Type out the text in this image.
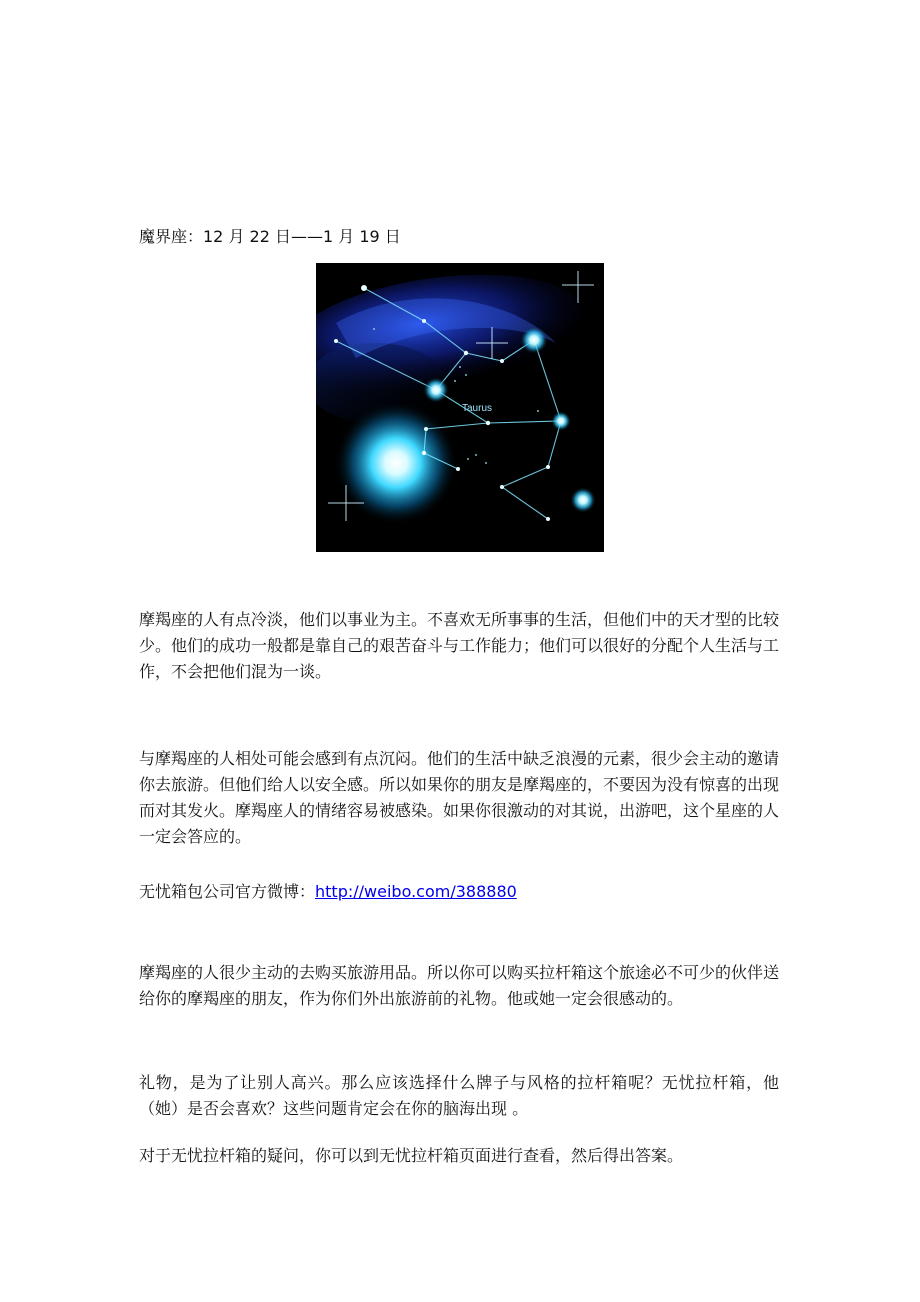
魔界座：12 月 22 日——1 月 19 日

Taurus

摩羯座的人有点冷淡，他们以事业为主。不喜欢无所事事的生活，但他们中的天才型的比较少。他们的成功一般都是靠自己的艰苦奋斗与工作能力；他们可以很好的分配个人生活与工作，不会把他们混为一谈。

与摩羯座的人相处可能会感到有点沉闷。他们的生活中缺乏浪漫的元素，很少会主动的邀请你去旅游。但他们给人以安全感。所以如果你的朋友是摩羯座的，不要因为没有惊喜的出现而对其发火。摩羯座人的情绪容易被感染。如果你很激动的对其说，出游吧，这个星座的人一定会答应的。

无忧箱包公司官方微博：http://weibo.com/388880

摩羯座的人很少主动的去购买旅游用品。所以你可以购买拉杆箱这个旅途必不可少的伙伴送给你的摩羯座的朋友，作为你们外出旅游前的礼物。他或她一定会很感动的。

礼物，是为了让别人高兴。那么应该选择什么牌子与风格的拉杆箱呢？无忧拉杆箱，他（她）是否会喜欢？这些问题肯定会在你的脑海出现 。

对于无忧拉杆箱的疑问，你可以到无忧拉杆箱页面进行查看，然后得出答案。
